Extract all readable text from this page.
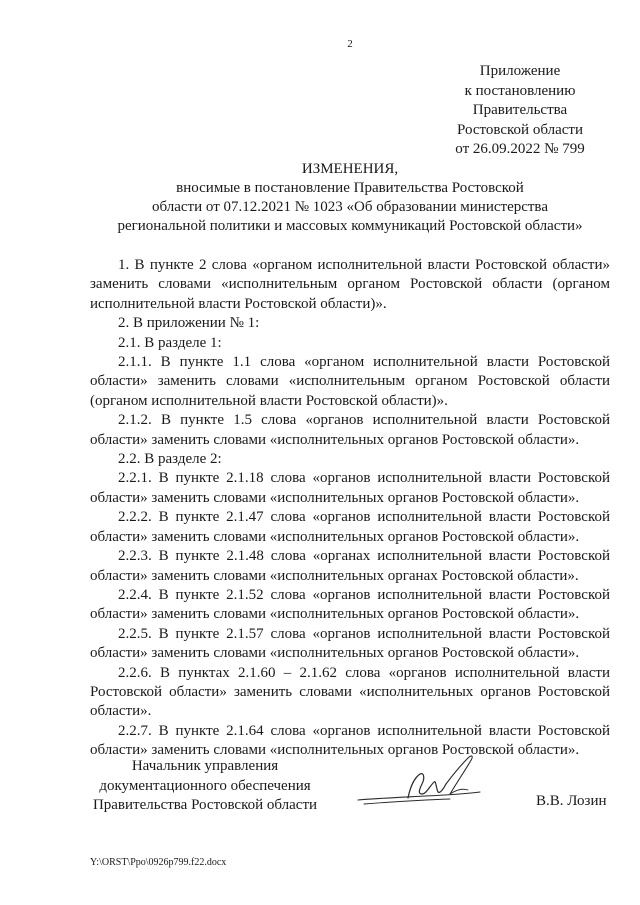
2
Приложение
к постановлению
Правительства
Ростовской области
от 26.09.2022 № 799
ИЗМЕНЕНИЯ,
вносимые в постановление Правительства Ростовской
области от 07.12.2021 № 1023 «Об образовании министерства
региональной политики и массовых коммуникаций Ростовской области»

1. В пункте 2 слова «органом исполнительной власти Ростовской области» заменить словами «исполнительным органом Ростовской области (органом исполнительной власти Ростовской области)».

2. В приложении № 1:

2.1. В разделе 1:

2.1.1. В пункте 1.1 слова «органом исполнительной власти Ростовской области» заменить словами «исполнительным органом Ростовской области (органом исполнительной власти Ростовской области)».

2.1.2. В пункте 1.5 слова «органов исполнительной власти Ростовской области» заменить словами «исполнительных органов Ростовской области».

2.2. В разделе 2:

2.2.1. В пункте 2.1.18 слова «органов исполнительной власти Ростовской области» заменить словами «исполнительных органов Ростовской области».

2.2.2. В пункте 2.1.47 слова «органов исполнительной власти Ростовской области» заменить словами «исполнительных органов Ростовской области».

2.2.3. В пункте 2.1.48 слова «органах исполнительной власти Ростовской области» заменить словами «исполнительных органах Ростовской области».

2.2.4. В пункте 2.1.52 слова «органов исполнительной власти Ростовской области» заменить словами «исполнительных органов Ростовской области».

2.2.5. В пункте 2.1.57 слова «органов исполнительной власти Ростовской области» заменить словами «исполнительных органов Ростовской области».

2.2.6. В пунктах 2.1.60 – 2.1.62 слова «органов исполнительной власти Ростовской области» заменить словами «исполнительных органов Ростовской области».

2.2.7. В пункте 2.1.64 слова «органов исполнительной власти Ростовской области» заменить словами «исполнительных органов Ростовской области».

Начальник управления
документационного обеспечения
Правительства Ростовской области	В.В. Лозин
Y:\ORST\Ppo\0926p799.f22.docx
